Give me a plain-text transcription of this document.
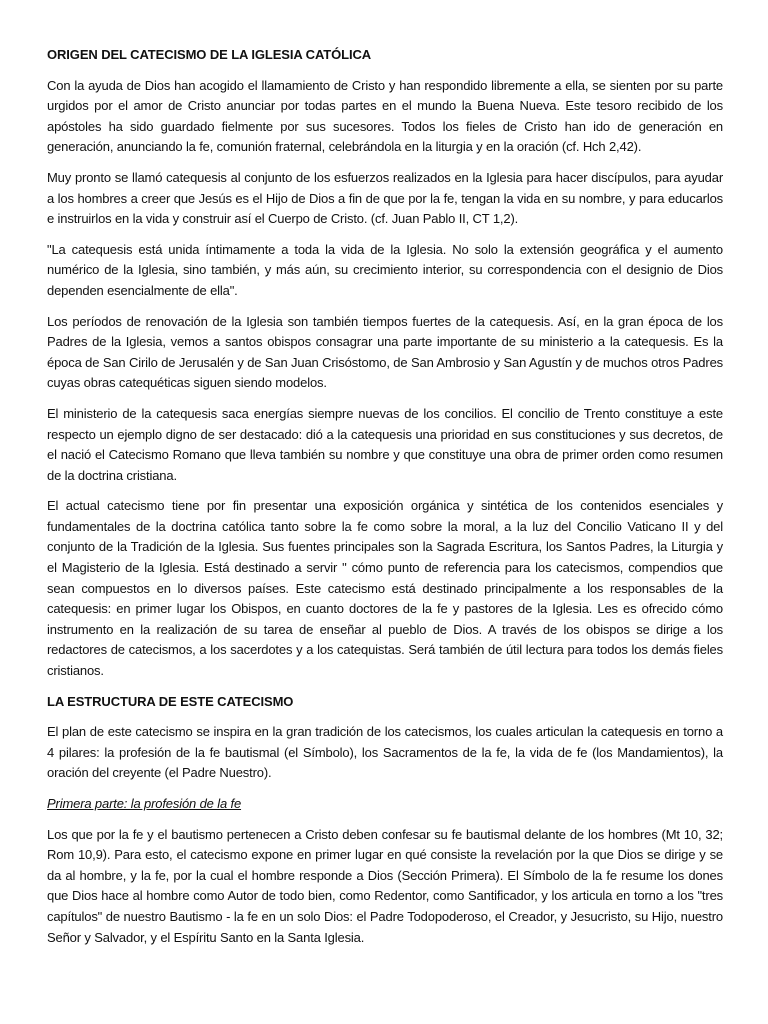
ORIGEN DEL CATECISMO DE LA IGLESIA CATÓLICA
Con la ayuda de Dios han acogido el llamamiento de Cristo y han respondido libremente a ella, se sienten por su parte urgidos por el amor de Cristo anunciar por todas partes en el mundo la Buena Nueva. Este tesoro recibido de los apóstoles ha sido guardado fielmente por sus sucesores. Todos los fieles de Cristo han ido de generación en generación, anunciando la fe, comunión fraternal, celebrándola en la liturgia y en la oración (cf. Hch 2,42).
Muy pronto se llamó catequesis al conjunto de los esfuerzos realizados en la Iglesia para hacer discípulos, para ayudar a los hombres a creer que Jesús es el Hijo de Dios a fin de que por la fe, tengan la vida en su nombre, y para educarlos e instruirlos en la vida y construir así el Cuerpo de Cristo. (cf. Juan Pablo II, CT 1,2).
"La catequesis está unida íntimamente a toda la vida de la Iglesia. No solo la extensión geográfica y el aumento numérico de la Iglesia, sino también, y más aún, su crecimiento interior, su correspondencia con el designio de Dios dependen esencialmente de ella".
Los períodos de renovación de la Iglesia son también tiempos fuertes de la catequesis. Así, en la gran época de los Padres de la Iglesia, vemos a santos obispos consagrar una parte importante de su ministerio a la catequesis. Es la época de San Cirilo de Jerusalén y de San Juan Crisóstomo, de San Ambrosio y San Agustín y de muchos otros Padres cuyas obras catequéticas siguen siendo modelos.
El ministerio de la catequesis saca energías siempre nuevas de los concilios. El concilio de Trento constituye a este respecto un ejemplo digno de ser destacado: dió a la catequesis una prioridad en sus constituciones y sus decretos, de el nació el Catecismo Romano que lleva también su nombre y que constituye una obra de primer orden como resumen de la doctrina cristiana.
El actual catecismo tiene por fin presentar una exposición orgánica y sintética de los contenidos esenciales y fundamentales de la doctrina católica tanto sobre la fe como sobre la moral, a la luz del Concilio Vaticano II y del conjunto de la Tradición de la Iglesia. Sus fuentes principales son la Sagrada Escritura, los Santos Padres, la Liturgia y el Magisterio de la Iglesia. Está destinado a servir " cómo punto de referencia para los catecismos, compendios que sean compuestos en lo diversos países. Este catecismo está destinado principalmente a los responsables de la catequesis: en primer lugar los Obispos, en cuanto doctores de la fe y pastores de la Iglesia. Les es ofrecido cómo instrumento en la realización de su tarea de enseñar al pueblo de Dios. A través de los obispos se dirige a los redactores de catecismos, a los sacerdotes y a los catequistas. Será también de útil lectura para todos los demás fieles cristianos.
LA ESTRUCTURA DE ESTE CATECISMO
El plan de este catecismo se inspira en la gran tradición de los catecismos, los cuales articulan la catequesis en torno a 4 pilares: la profesión de la fe bautismal (el Símbolo), los Sacramentos de la fe, la vida de fe (los Mandamientos), la oración del creyente (el Padre Nuestro).
Primera parte: la profesión de la fe
Los que por la fe y el bautismo pertenecen a Cristo deben confesar su fe bautismal delante de los hombres (Mt 10, 32; Rom 10,9). Para esto, el catecismo expone en primer lugar en qué consiste la revelación por la que Dios se dirige y se da al hombre, y la fe, por la cual el hombre responde a Dios (Sección Primera). El Símbolo de la fe resume los dones que Dios hace al hombre como Autor de todo bien, como Redentor, como Santificador, y los articula en torno a los "tres capítulos" de nuestro Bautismo - la fe en un solo Dios: el Padre Todopoderoso, el Creador, y Jesucristo, su Hijo, nuestro Señor y Salvador, y el Espíritu Santo en la Santa Iglesia.
